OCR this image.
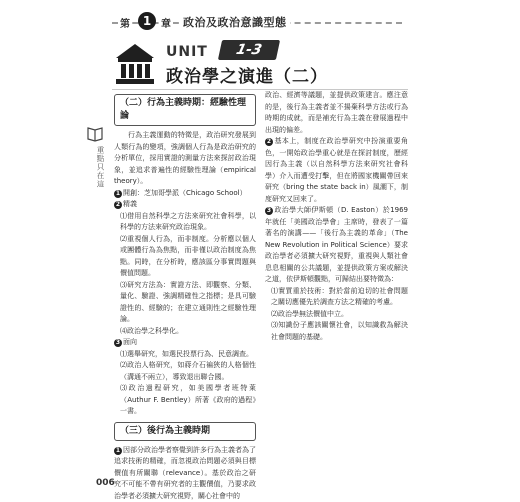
第	1 章 政治及政治意識型態
UNIT	1-3
政治學之演進（二）
重點只在這
（二）行為主義時期：經驗性理論

行為主義運動的特徵是，政治研究發展到人類行為的變項，強調個人行為是政治研究的分析單位，採用實證的測量方法來探討政治現象，並追求普遍性的經驗性理論（empirical theory）。

1 開創：芝加哥學派（Chicago School）

2 精義

⑴借用自然科學之方法來研究社會科學，以科學的方法來研究政治現象。

⑵重視個人行為，而非制度。分析應以個人或團體行為為焦點，而非僅以政治制度為焦點。同時，在分析時，應該區分事實問題與價值問題。

⑶研究方法為：實證方法、即觀察、分類、量化、驗證、強調精確性之指標；是具可驗證性的、經驗的；在建立通則性之經驗性理論。

⑷政治學之科學化。

3 面向

⑴選舉研究，如選民投票行為、民意調查。

⑵政治人格研究，如蔣介石褊狹的人格個性（溝通不兩立），導致退出聯合國。

⑶政治過程研究，如美國學者班特萊（Authur F. Bentley）所著《政府的過程》一書。

（三）後行為主義時期

1 因部分政治學者察覺到許多行為主義者為了追求技術的精確，而忽視政治問題必須與目標價值有所關聯（relevance）。基於政治之研究不可能不帶有研究者的主觀價值，乃要求政治學者必須擴大研究視野，關心社會中的

政治、經濟等議題，並提供政策建言。應注意的是，後行為主義者並不揚棄科學方法或行為時期的成就，而是補充行為主義在發展過程中出現的偏差。

2 基本上，制度在政治學研究中扮演重要角色，一開始政治學重心就是在探討制度，歷經因行為主義（以自然科學方法來研究社會科學）介入而遭受打擊，但在將國家機關帶回來研究（bring the state back in）風潮下，制度研究又回來了。

3 政治學大師伊斯頓（D. Easton）於1969年就任「美國政治學會」主席時，發表了一篇著名的演講——「後行為主義的革命」（The New Revolution in Political Science）要求政治學者必須擴大研究視野，重視與人類社會息息相關的公共議題，並提供政策方案或解決之道，依伊斯頓觀點，可歸結出要特徵為：

⑴實質重於技術：對於當前迫切的社會問題之關切應優先於調查方法之精確的考慮。

⑵政治學無法價值中立。

⑶知識份子應該關懷社會，以知識救為解決社會問題的基礎。

006
